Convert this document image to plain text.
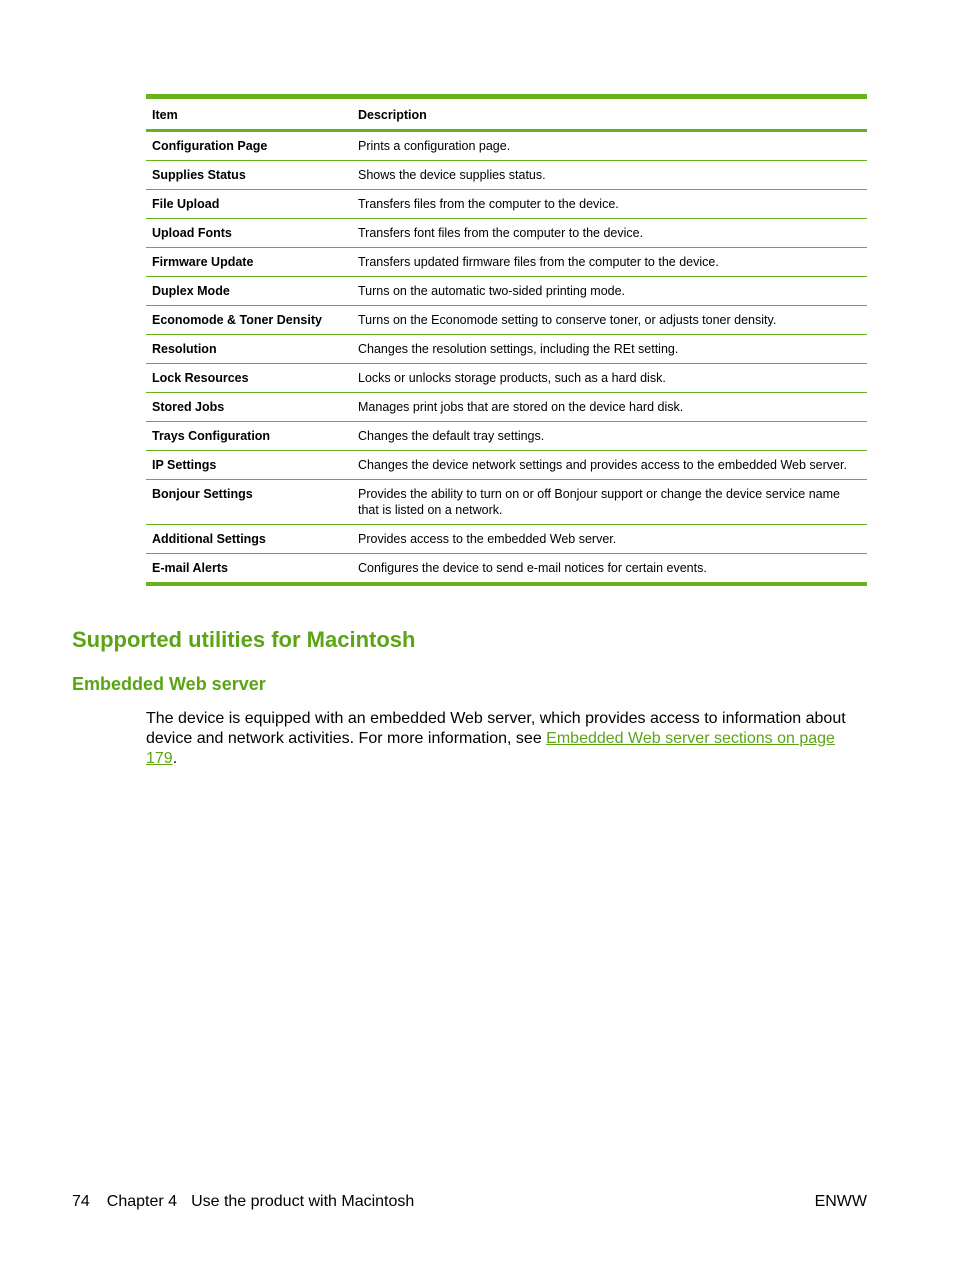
Item	Description
Configuration Page	Prints a configuration page.
Supplies Status	Shows the device supplies status.
File Upload	Transfers files from the computer to the device.
Upload Fonts	Transfers font files from the computer to the device.
Firmware Update	Transfers updated firmware files from the computer to the device.
Duplex Mode	Turns on the automatic two-sided printing mode.
Economode & Toner Density	Turns on the Economode setting to conserve toner, or adjusts toner density.
Resolution	Changes the resolution settings, including the REt setting.
Lock Resources	Locks or unlocks storage products, such as a hard disk.
Stored Jobs	Manages print jobs that are stored on the device hard disk.
Trays Configuration	Changes the default tray settings.
IP Settings	Changes the device network settings and provides access to the embedded Web server.
Bonjour Settings	Provides the ability to turn on or off Bonjour support or change the device service name that is listed on a network.
Additional Settings	Provides access to the embedded Web server.
E-mail Alerts	Configures the device to send e-mail notices for certain events.
Supported utilities for Macintosh
Embedded Web server

The device is equipped with an embedded Web server, which provides access to information about device and network activities. For more information, see Embedded Web server sections on page 179.

74 Chapter 4 Use the product with Macintosh	ENWW
